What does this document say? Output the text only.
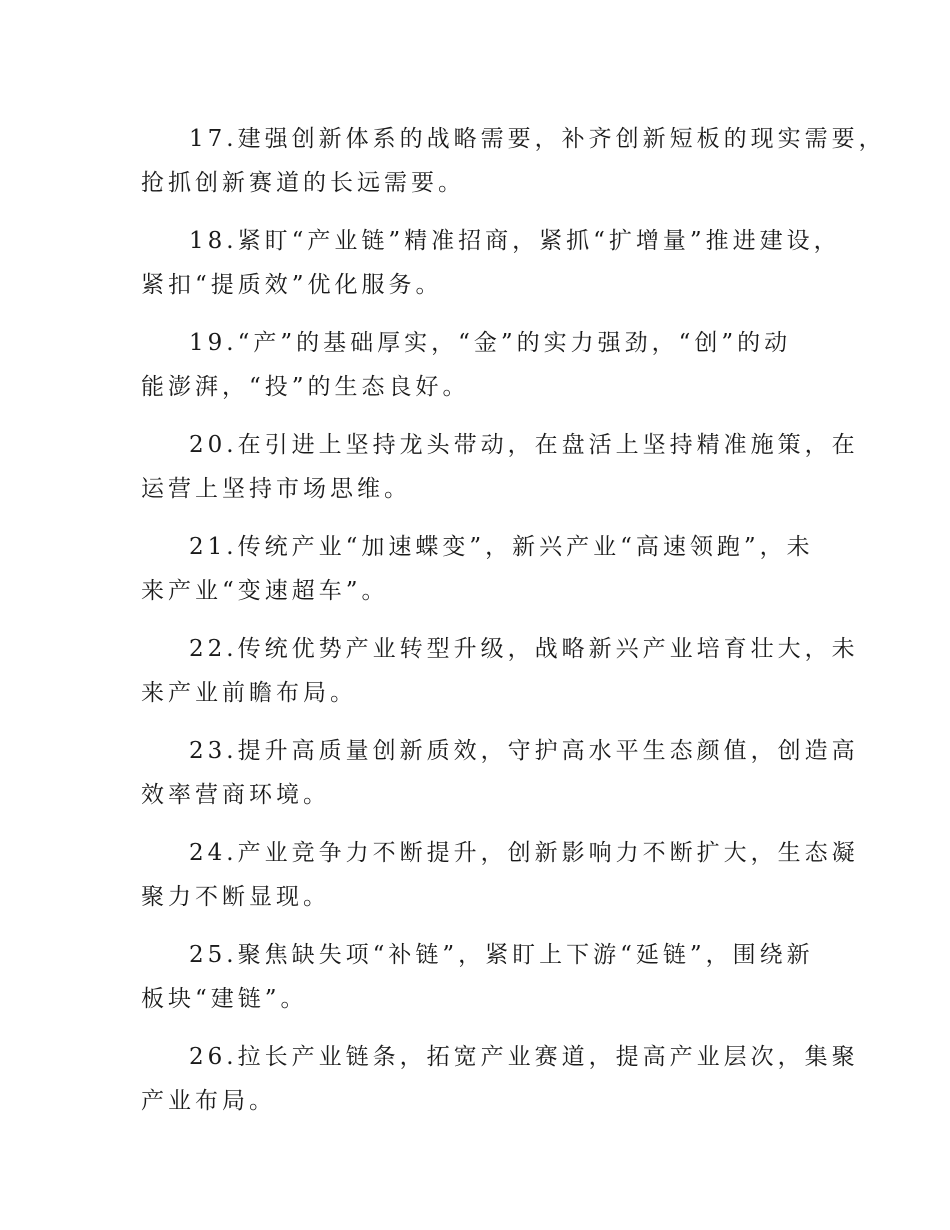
17.建强创新体系的战略需要，补齐创新短板的现实需要，
抢抓创新赛道的长远需要。

18.紧盯“产业链”精准招商，紧抓“扩增量”推进建设，
紧扣“提质效”优化服务。

19.“产”的基础厚实，“金”的实力强劲，“创”的动
能澎湃，“投”的生态良好。

20.在引进上坚持龙头带动，在盘活上坚持精准施策，在
运营上坚持市场思维。

21.传统产业“加速蝶变”，新兴产业“高速领跑”，未
来产业“变速超车”。

22.传统优势产业转型升级，战略新兴产业培育壮大，未
来产业前瞻布局。

23.提升高质量创新质效，守护高水平生态颜值，创造高
效率营商环境。

24.产业竞争力不断提升，创新影响力不断扩大，生态凝
聚力不断显现。

25.聚焦缺失项“补链”，紧盯上下游“延链”，围绕新
板块“建链”。

26.拉长产业链条，拓宽产业赛道，提高产业层次，集聚
产业布局。
